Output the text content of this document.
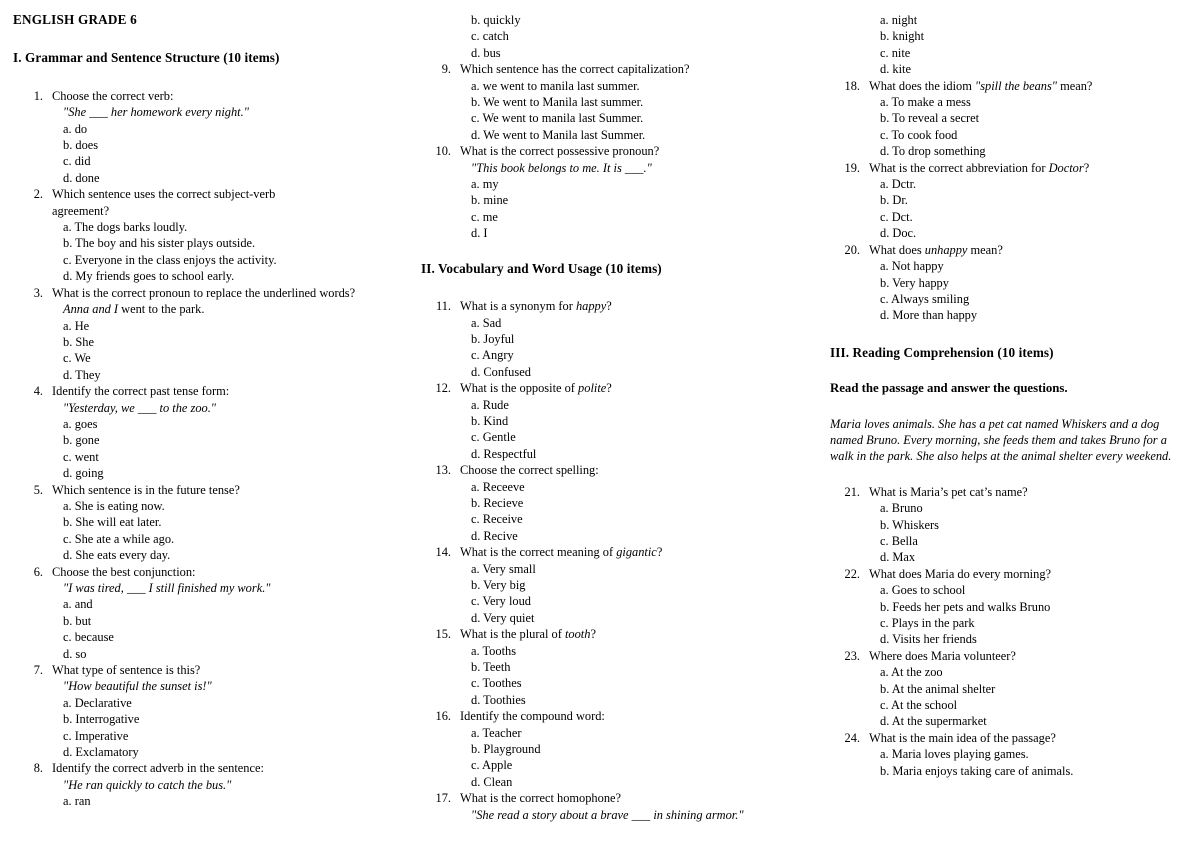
ENGLISH GRADE 6
I. Grammar and Sentence Structure (10 items)
1. Choose the correct verb:
"She ___ her homework every night."
a. do
b. does
c. did
d. done
2. Which sentence uses the correct subject-verb agreement?
a. The dogs barks loudly.
b. The boy and his sister plays outside.
c. Everyone in the class enjoys the activity.
d. My friends goes to school early.
3. What is the correct pronoun to replace the underlined words?
Anna and I went to the park.
a. He
b. She
c. We
d. They
4. Identify the correct past tense form:
"Yesterday, we ___ to the zoo."
a. goes
b. gone
c. went
d. going
5. Which sentence is in the future tense?
a. She is eating now.
b. She will eat later.
c. She ate a while ago.
d. She eats every day.
6. Choose the best conjunction:
"I was tired, ___ I still finished my work."
a. and
b. but
c. because
d. so
7. What type of sentence is this?
"How beautiful the sunset is!"
a. Declarative
b. Interrogative
c. Imperative
d. Exclamatory
8. Identify the correct adverb in the sentence:
"He ran quickly to catch the bus."
a. ran
b. quickly
c. catch
d. bus
9. Which sentence has the correct capitalization?
a. we went to manila last summer.
b. We went to Manila last summer.
c. We went to manila last Summer.
d. We went to Manila last Summer.
10. What is the correct possessive pronoun?
"This book belongs to me. It is ___."
a. my
b. mine
c. me
d. I
II. Vocabulary and Word Usage (10 items)
11. What is a synonym for happy?
a. Sad
b. Joyful
c. Angry
d. Confused
12. What is the opposite of polite?
a. Rude
b. Kind
c. Gentle
d. Respectful
13. Choose the correct spelling:
a. Receeve
b. Recieve
c. Receive
d. Recive
14. What is the correct meaning of gigantic?
a. Very small
b. Very big
c. Very loud
d. Very quiet
15. What is the plural of tooth?
a. Tooths
b. Teeth
c. Toothes
d. Toothies
16. Identify the compound word:
a. Teacher
b. Playground
c. Apple
d. Clean
17. What is the correct homophone?
"She read a story about a brave ___ in shining armor."
a. night
b. knight
c. nite
d. kite
18. What does the idiom "spill the beans" mean?
a. To make a mess
b. To reveal a secret
c. To cook food
d. To drop something
19. What is the correct abbreviation for Doctor?
a. Dctr.
b. Dr.
c. Dct.
d. Doc.
20. What does unhappy mean?
a. Not happy
b. Very happy
c. Always smiling
d. More than happy
III. Reading Comprehension (10 items)
Read the passage and answer the questions.
Maria loves animals. She has a pet cat named Whiskers and a dog named Bruno. Every morning, she feeds them and takes Bruno for a walk in the park. She also helps at the animal shelter every weekend.
21. What is Maria’s pet cat’s name?
a. Bruno
b. Whiskers
c. Bella
d. Max
22. What does Maria do every morning?
a. Goes to school
b. Feeds her pets and walks Bruno
c. Plays in the park
d. Visits her friends
23. Where does Maria volunteer?
a. At the zoo
b. At the animal shelter
c. At the school
d. At the supermarket
24. What is the main idea of the passage?
a. Maria loves playing games.
b. Maria enjoys taking care of animals.
